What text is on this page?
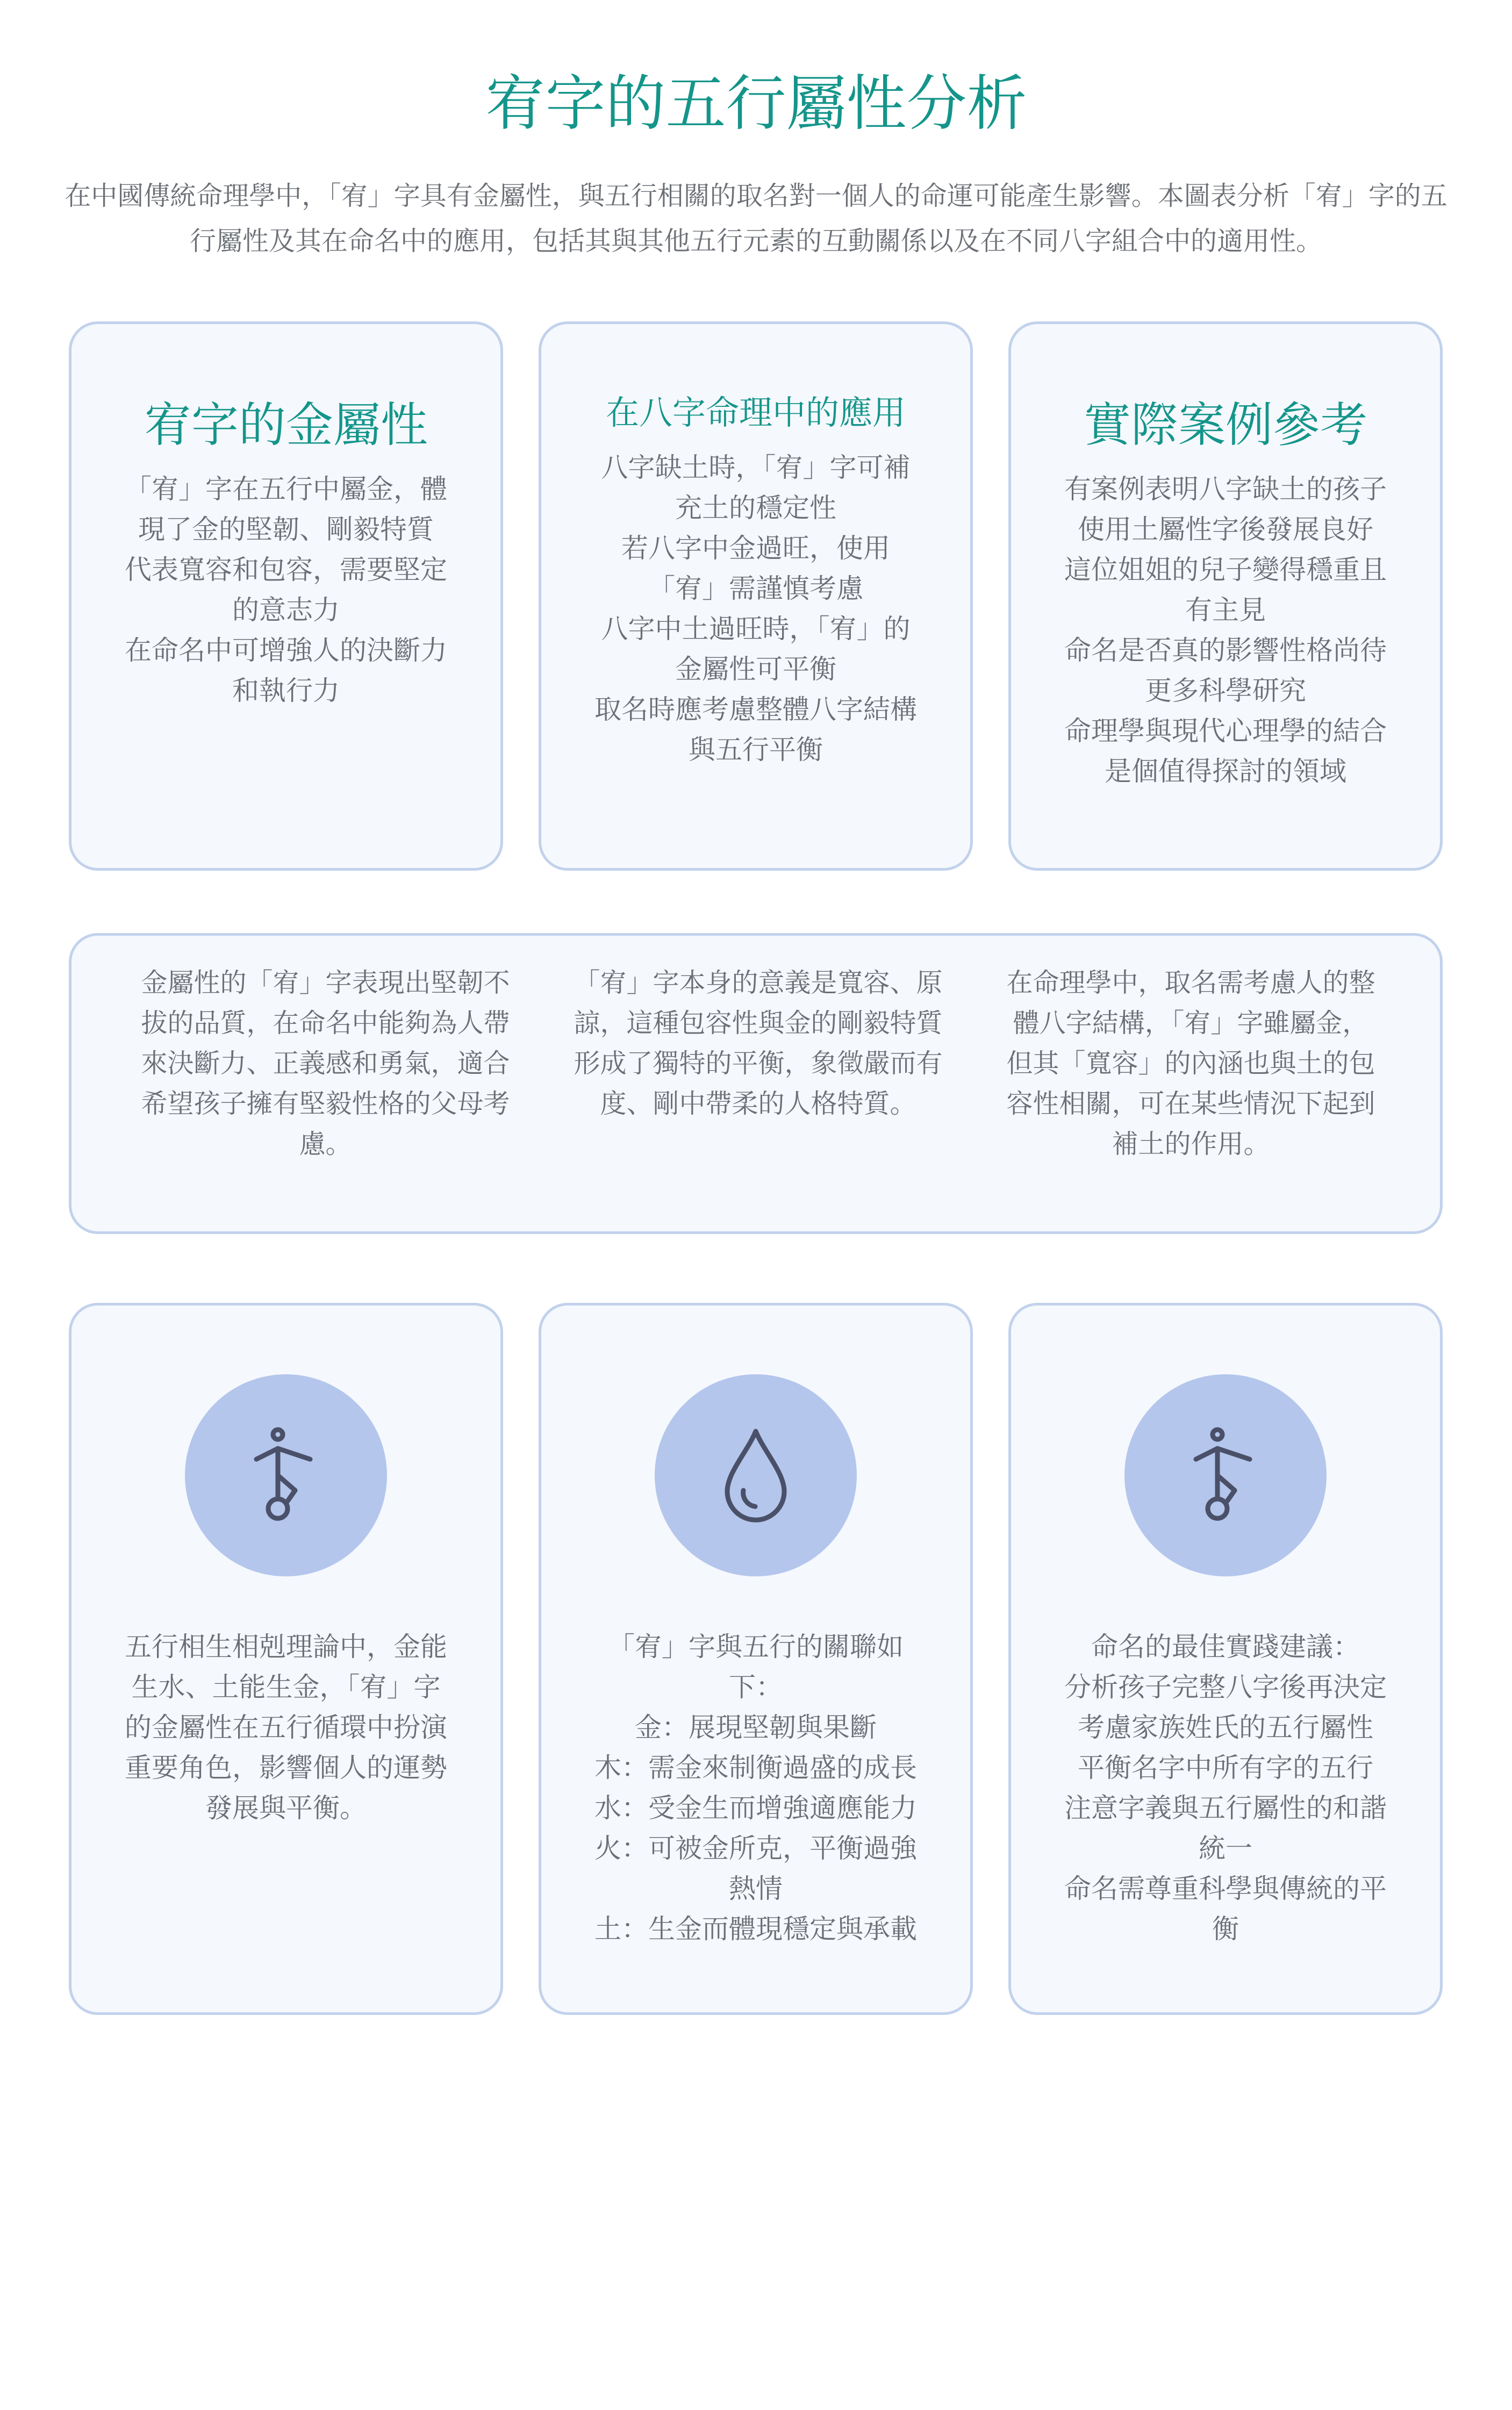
宥字的五行屬性分析

在中國傳統命理學中，「宥」字具有金屬性，與五行相關的取名對一個人的命運可能產生影響。本圖表分析「宥」字的五行屬性及其在命名中的應用，包括其與其他五行元素的互動關係以及在不同八字組合中的適用性。

宥字的金屬性
「宥」字在五行中屬金，體
現了金的堅韌、剛毅特質
代表寬容和包容，需要堅定
的意志力
在命名中可增強人的決斷力
和執行力
在八字命理中的應用
八字缺土時，「宥」字可補
充土的穩定性
若八字中金過旺，使用
「宥」需謹慎考慮
八字中土過旺時，「宥」的
金屬性可平衡
取名時應考慮整體八字結構
與五行平衡
實際案例參考
有案例表明八字缺土的孩子
使用土屬性字後發展良好
這位姐姐的兒子變得穩重且
有主見
命名是否真的影響性格尚待
更多科學研究
命理學與現代心理學的結合
是個值得探討的領域
金屬性的「宥」字表現出堅韌不
拔的品質，在命名中能夠為人帶
來決斷力、正義感和勇氣，適合
希望孩子擁有堅毅性格的父母考
慮。
「宥」字本身的意義是寬容、原
諒，這種包容性與金的剛毅特質
形成了獨特的平衡，象徵嚴而有
度、剛中帶柔的人格特質。
在命理學中，取名需考慮人的整
體八字結構，「宥」字雖屬金，
但其「寬容」的內涵也與土的包
容性相關，可在某些情況下起到
補土的作用。
五行相生相剋理論中，金能
生水、土能生金，「宥」字
的金屬性在五行循環中扮演
重要角色，影響個人的運勢
發展與平衡。
「宥」字與五行的關聯如
下：
金：展現堅韌與果斷
木：需金來制衡過盛的成長
水：受金生而增強適應能力
火：可被金所克，平衡過強
熱情
土：生金而體現穩定與承載
命名的最佳實踐建議：
分析孩子完整八字後再決定
考慮家族姓氏的五行屬性
平衡名字中所有字的五行
注意字義與五行屬性的和諧
統一
命名需尊重科學與傳統的平
衡
